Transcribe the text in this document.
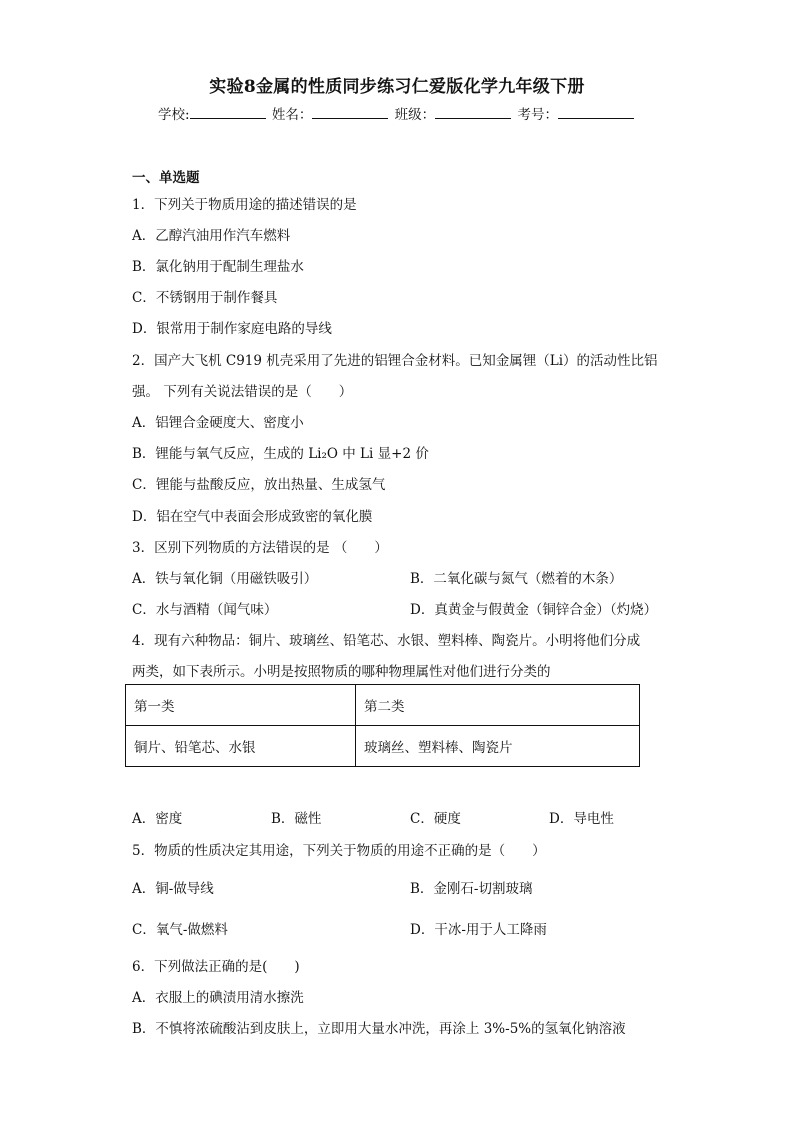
实验8金属的性质同步练习仁爱版化学九年级下册
学校:	姓名：	班级：	考号：
一、单选题
1．下列关于物质用途的描述错误的是
A．乙醇汽油用作汽车燃料
B．氯化钠用于配制生理盐水
C．不锈钢用于制作餐具
D．银常用于制作家庭电路的导线
2．国产大飞机 C919 机壳采用了先进的铝锂合金材料。已知金属锂（Li）的活动性比铝
强。 下列有关说法错误的是（　　）
A．铝锂合金硬度大、密度小
B．锂能与氧气反应，生成的 Li₂O 中 Li 显+2 价
C．锂能与盐酸反应，放出热量、生成氢气
D．铝在空气中表面会形成致密的氧化膜
3．区别下列物质的方法错误的是 （　　）
A．铁与氧化铜（用磁铁吸引）	B．二氧化碳与氮气（燃着的木条）
C．水与酒精（闻气味）	D．真黄金与假黄金（铜锌合金）（灼烧）
4．现有六种物品：铜片、玻璃丝、铅笔芯、水银、塑料棒、陶瓷片。小明将他们分成
两类，如下表所示。小明是按照物质的哪种物理属性对他们进行分类的
第一类	第二类
铜片、铅笔芯、水银	玻璃丝、塑料棒、陶瓷片
A．密度	B．磁性	C．硬度	D．导电性
5．物质的性质决定其用途，下列关于物质的用途不正确的是（　　）
A．铜-做导线	B．金刚石-切割玻璃
C．氧气-做燃料	D．干冰-用于人工降雨
6．下列做法正确的是(　　)
A．衣服上的碘渍用清水擦洗
B．不慎将浓硫酸沾到皮肤上，立即用大量水冲洗，再涂上 3%-5%的氢氧化钠溶液
